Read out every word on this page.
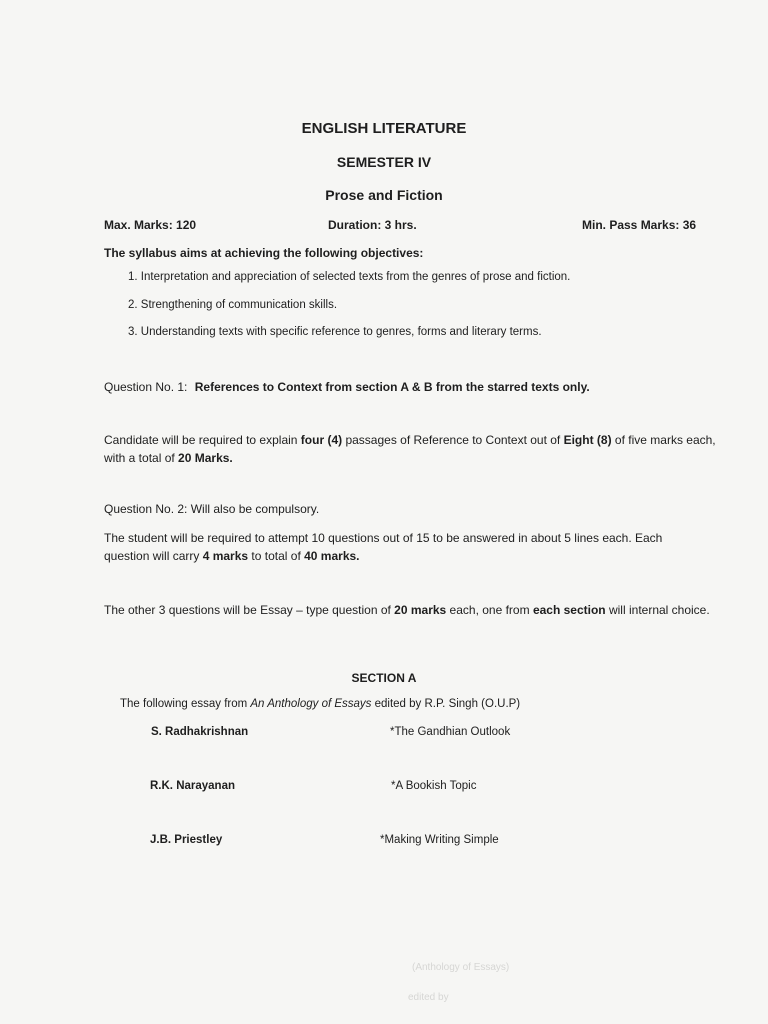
ENGLISH LITERATURE
SEMESTER IV
Prose and Fiction
Max. Marks: 120	Duration: 3 hrs.	Min. Pass Marks: 36
The syllabus aims at achieving the following objectives:
1. Interpretation and appreciation of selected texts from the genres of prose and fiction.
2. Strengthening of communication skills.
3. Understanding texts with specific reference to genres, forms and literary terms.
Question No. 1: References to Context from section A & B from the starred texts only.
Candidate will be required to explain four (4) passages of Reference to Context out of Eight (8) of five marks each, with a total of 20 Marks.
Question No. 2: Will also be compulsory.
The student will be required to attempt 10 questions out of 15 to be answered in about 5 lines each. Each question will carry 4 marks to total of 40 marks.
The other 3 questions will be Essay – type question of 20 marks each, one from each section will internal choice.
SECTION A
The following essay from An Anthology of Essays edited by R.P. Singh (O.U.P)
S. Radhakrishnan	*The Gandhian Outlook
R.K. Narayanan	*A Bookish Topic
J.B. Priestley	*Making Writing Simple
(Anthology of Essays)
edited by
